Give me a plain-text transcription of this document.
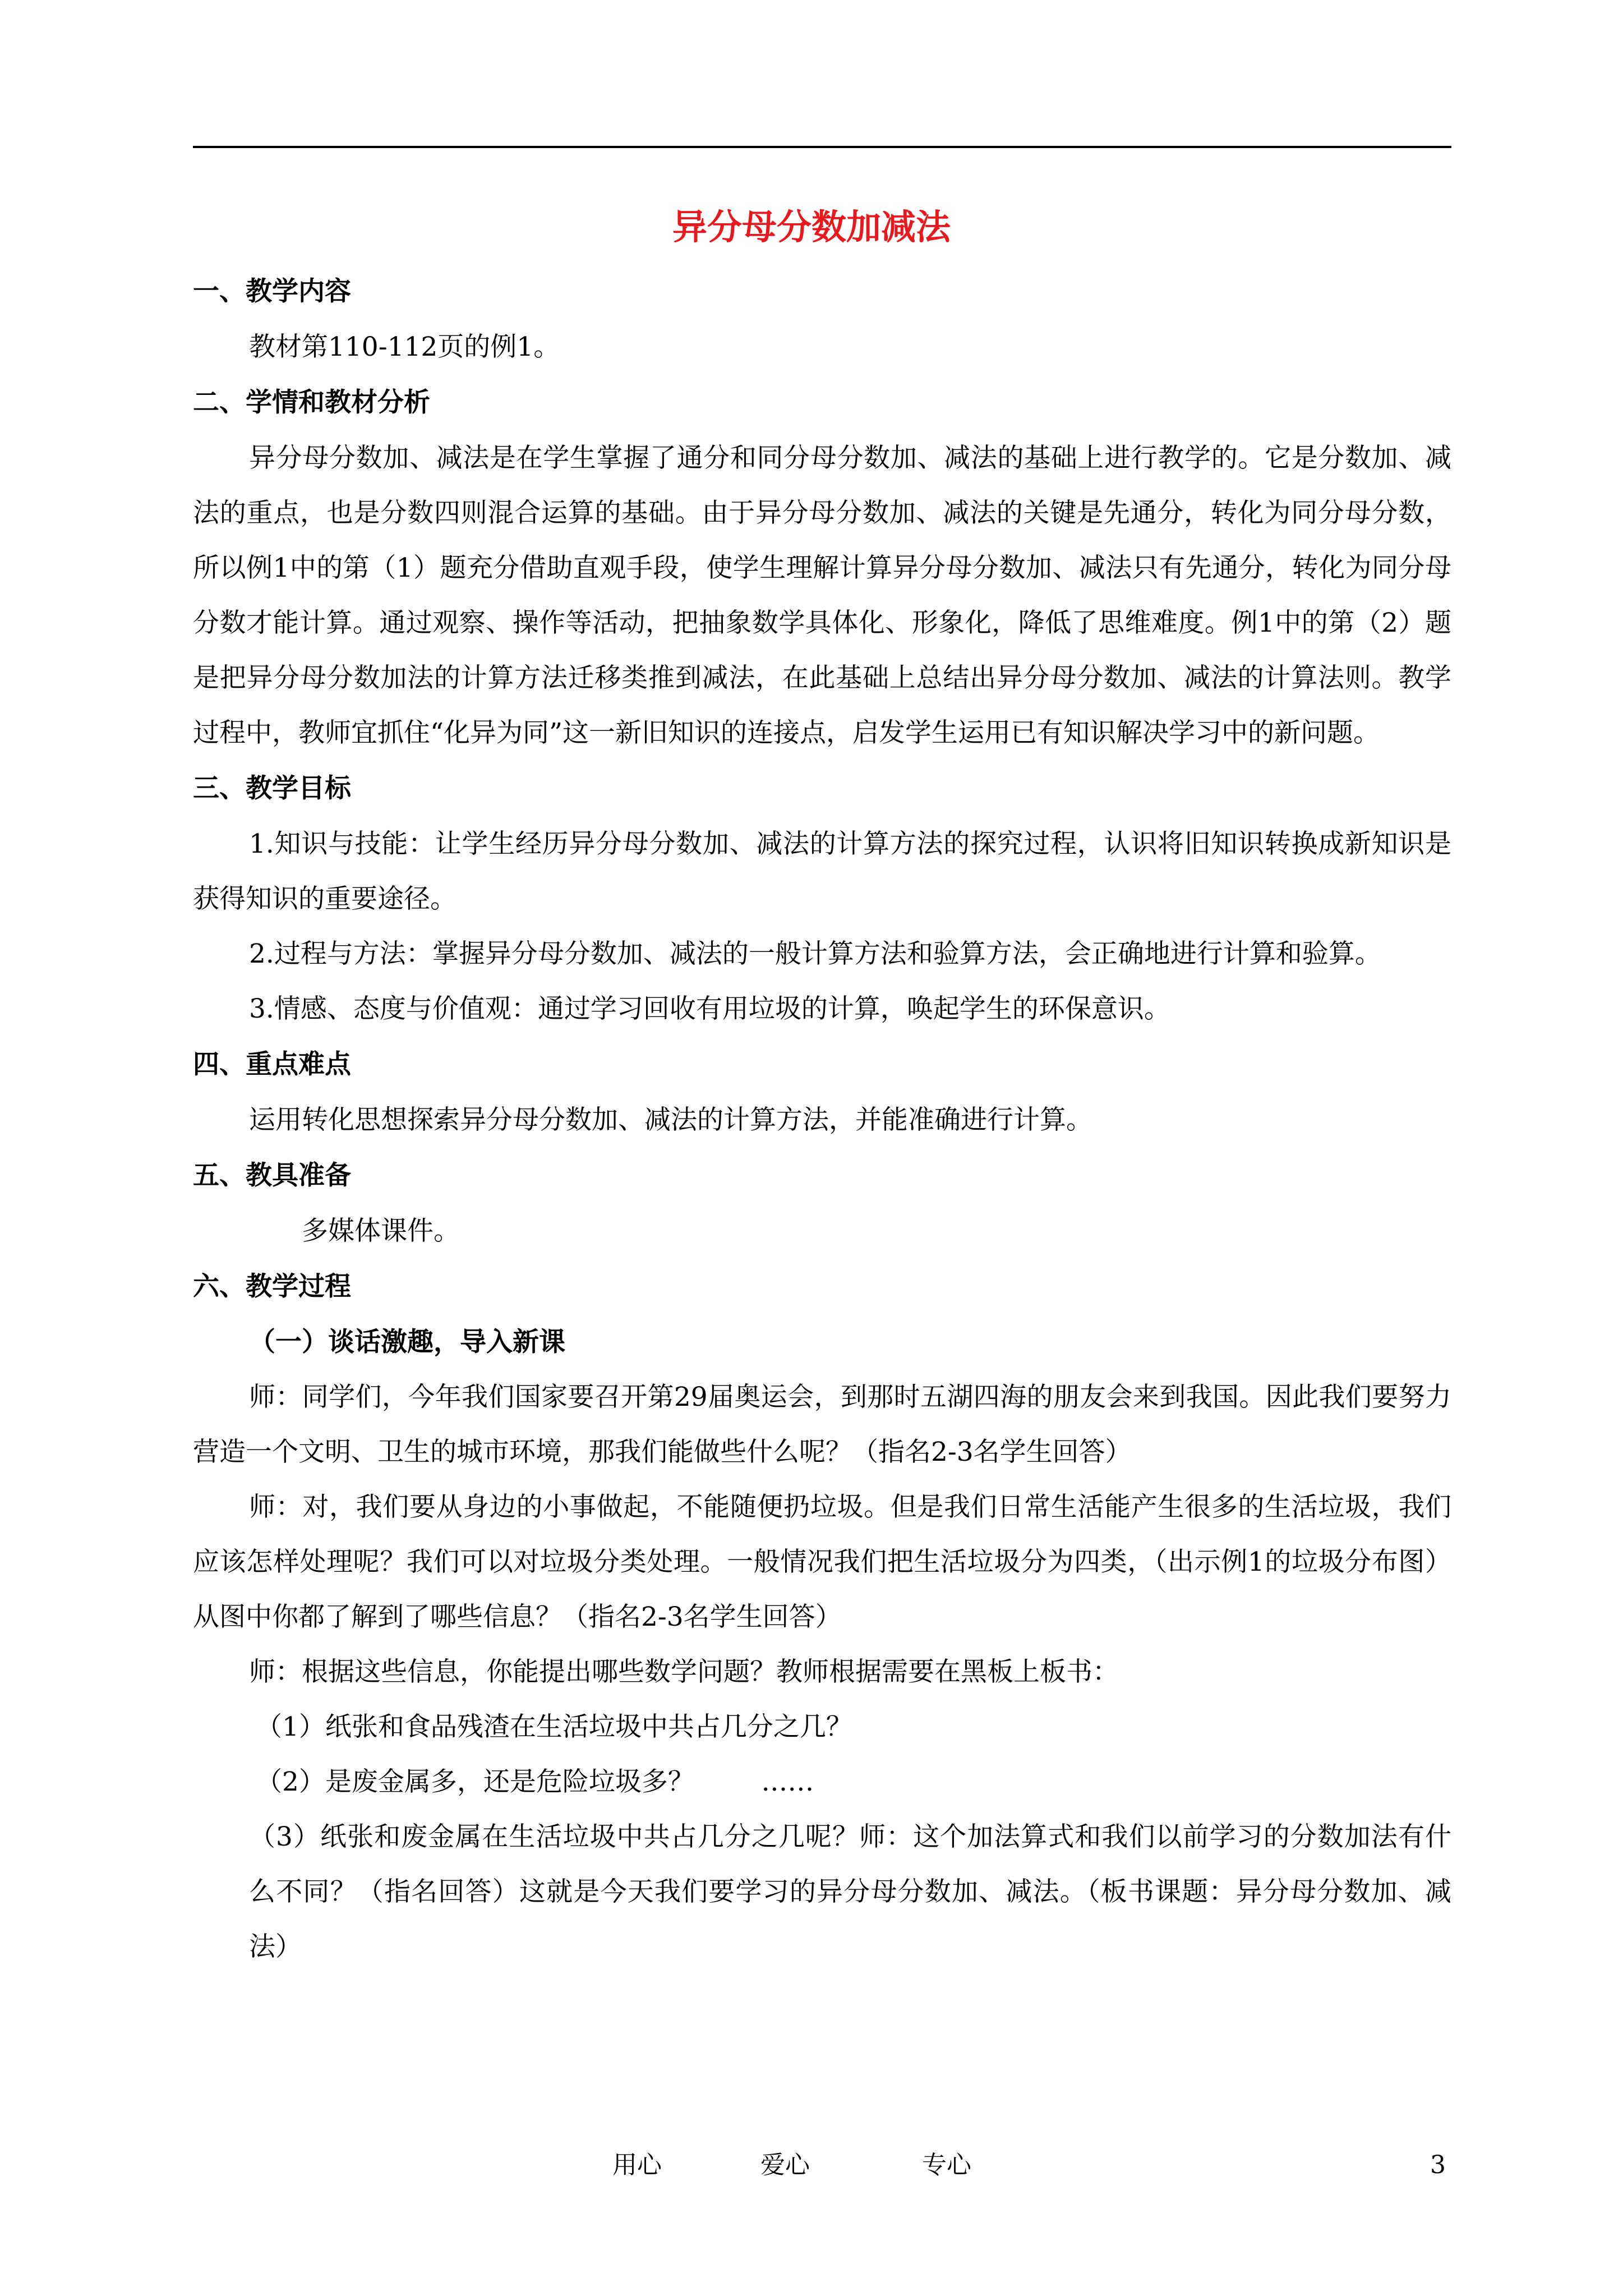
异分母分数加减法
一、教学内容
教材第110-112页的例1。
二、学情和教材分析
异分母分数加、减法是在学生掌握了通分和同分母分数加、减法的基础上进行教学的。它是分数加、减法的重点，也是分数四则混合运算的基础。由于异分母分数加、减法的关键是先通分，转化为同分母分数，所以例1中的第（1）题充分借助直观手段，使学生理解计算异分母分数加、减法只有先通分，转化为同分母分数才能计算。通过观察、操作等活动，把抽象数学具体化、形象化，降低了思维难度。例1中的第（2）题是把异分母分数加法的计算方法迁移类推到减法，在此基础上总结出异分母分数加、减法的计算法则。教学过程中，教师宜抓住“化异为同”这一新旧知识的连接点，启发学生运用已有知识解决学习中的新问题。
三、教学目标
1.知识与技能：让学生经历异分母分数加、减法的计算方法的探究过程，认识将旧知识转换成新知识是获得知识的重要途径。
2.过程与方法：掌握异分母分数加、减法的一般计算方法和验算方法，会正确地进行计算和验算。
3.情感、态度与价值观：通过学习回收有用垃圾的计算，唤起学生的环保意识。
四、重点难点
运用转化思想探索异分母分数加、减法的计算方法，并能准确进行计算。
五、教具准备
多媒体课件。
六、教学过程
（一）谈话激趣，导入新课
师：同学们，今年我们国家要召开第29届奥运会，到那时五湖四海的朋友会来到我国。因此我们要努力营造一个文明、卫生的城市环境，那我们能做些什么呢？（指名2-3名学生回答）
师：对，我们要从身边的小事做起，不能随便扔垃圾。但是我们日常生活能产生很多的生活垃圾，我们应该怎样处理呢？我们可以对垃圾分类处理。一般情况我们把生活垃圾分为四类，（出示例1的垃圾分布图）从图中你都了解到了哪些信息？（指名2-3名学生回答）
师：根据这些信息，你能提出哪些数学问题？教师根据需要在黑板上板书：
（1）纸张和食品残渣在生活垃圾中共占几分之几？
（2）是废金属多，还是危险垃圾多？        ……
（3）纸张和废金属在生活垃圾中共占几分之几呢？师：这个加法算式和我们以前学习的分数加法有什么不同？（指名回答）这就是今天我们要学习的异分母分数加、减法。（板书课题：异分母分数加、减法）
用心	爱心	专心	3
